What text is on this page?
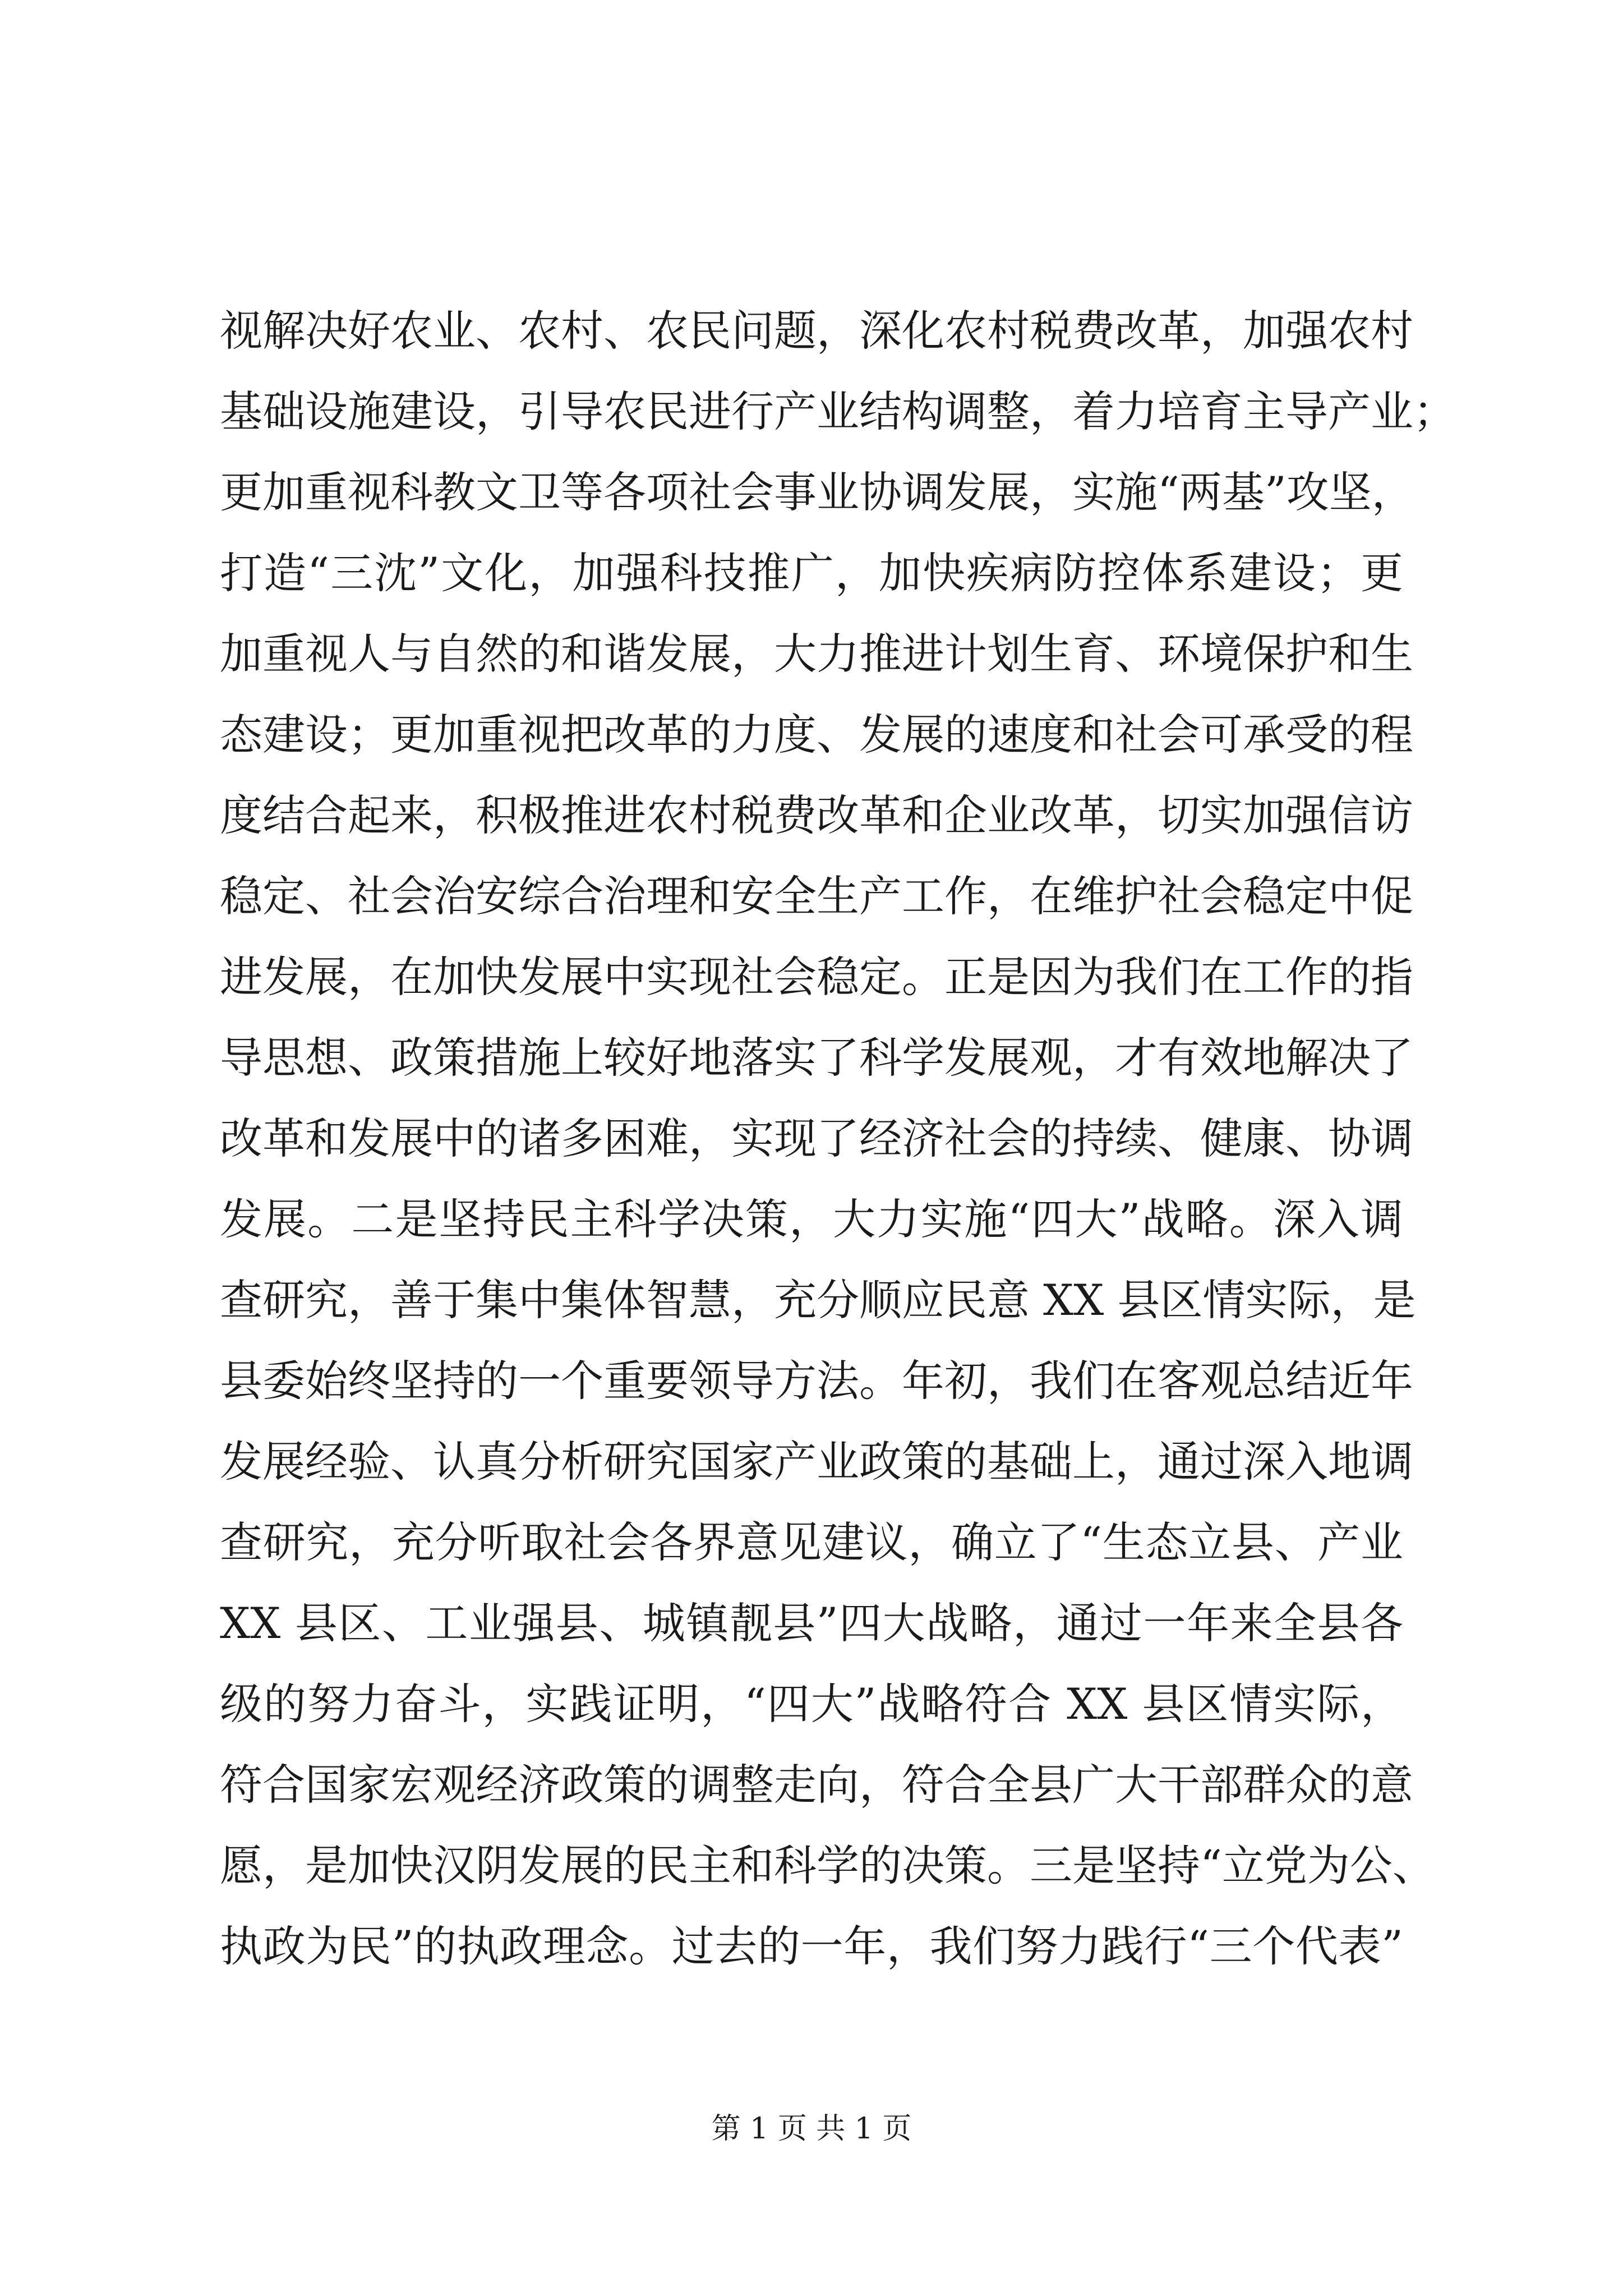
视解决好农业、农村、农民问题，深化农村税费改革，加强农村
基础设施建设，引导农民进行产业结构调整，着力培育主导产业；
更加重视科教文卫等各项社会事业协调发展，实施“两基”攻坚，
打造“三沈”文化，加强科技推广，加快疾病防控体系建设；更
加重视人与自然的和谐发展，大力推进计划生育、环境保护和生
态建设；更加重视把改革的力度、发展的速度和社会可承受的程
度结合起来，积极推进农村税费改革和企业改革，切实加强信访
稳定、社会治安综合治理和安全生产工作，在维护社会稳定中促
进发展，在加快发展中实现社会稳定。正是因为我们在工作的指
导思想、政策措施上较好地落实了科学发展观，才有效地解决了
改革和发展中的诸多困难，实现了经济社会的持续、健康、协调
发展。二是坚持民主科学决策，大力实施“四大”战略。深入调
查研究，善于集中集体智慧，充分顺应民意 XX 县区情实际，是
县委始终坚持的一个重要领导方法。年初，我们在客观总结近年
发展经验、认真分析研究国家产业政策的基础上，通过深入地调
查研究，充分听取社会各界意见建议，确立了“生态立县、产业
XX 县区、工业强县、城镇靓县”四大战略，通过一年来全县各
级的努力奋斗，实践证明，“四大”战略符合 XX 县区情实际，
符合国家宏观经济政策的调整走向，符合全县广大干部群众的意
愿，是加快汉阴发展的民主和科学的决策。三是坚持“立党为公、
执政为民”的执政理念。过去的一年，我们努力践行“三个代表”
第 1 页 共 1 页
